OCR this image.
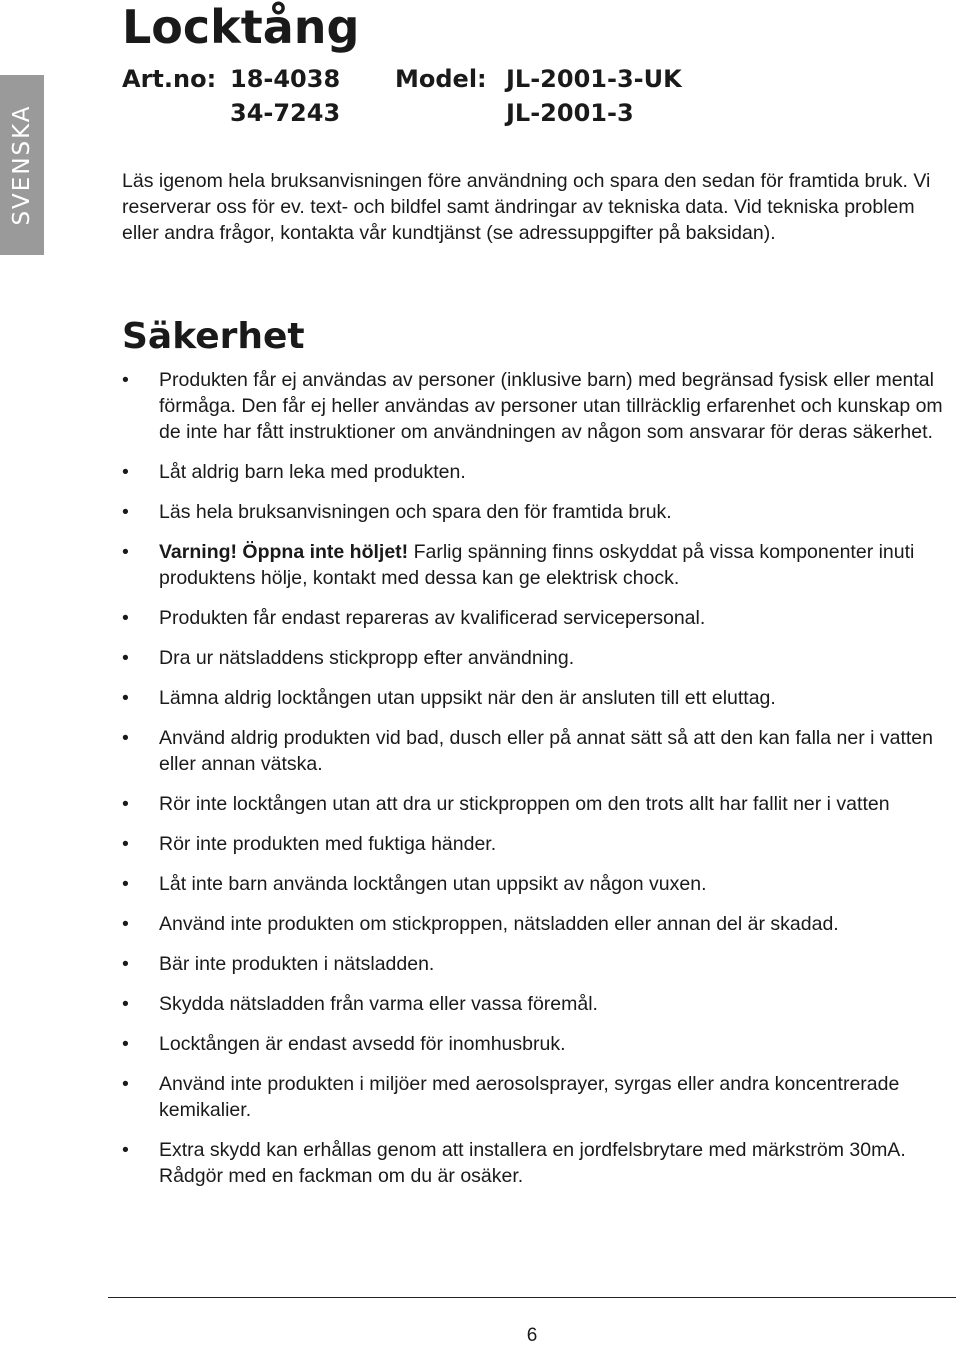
SVENSKA
Locktång
Art.no: 18-4038
34-7243
Model: JL-2001-3-UK
JL-2001-3

Läs igenom hela bruksanvisningen före användning och spara den sedan för framtida bruk. Vi reserverar oss för ev. text- och bildfel samt ändringar av tekniska data. Vid tekniska problem eller andra frågor, kontakta vår kundtjänst (se adressuppgifter på baksidan).

Säkerhet
• Produkten får ej användas av personer (inklusive barn) med begränsad fysisk eller mental förmåga. Den får ej heller användas av personer utan tillräcklig erfarenhet och kunskap om de inte har fått instruktioner om användningen av någon som ansvarar för deras säkerhet.
• Låt aldrig barn leka med produkten.
• Läs hela bruksanvisningen och spara den för framtida bruk.
• Varning! Öppna inte höljet! Farlig spänning finns oskyddat på vissa komponenter inuti produktens hölje, kontakt med dessa kan ge elektrisk chock.
• Produkten får endast repareras av kvalificerad servicepersonal.
• Dra ur nätsladdens stickpropp efter användning.
• Lämna aldrig locktången utan uppsikt när den är ansluten till ett eluttag.
• Använd aldrig produkten vid bad, dusch eller på annat sätt så att den kan falla ner i vatten eller annan vätska.
• Rör inte locktången utan att dra ur stickproppen om den trots allt har fallit ner i vatten
• Rör inte produkten med fuktiga händer.
• Låt inte barn använda locktången utan uppsikt av någon vuxen.
• Använd inte produkten om stickproppen, nätsladden eller annan del är skadad.
• Bär inte produkten i nätsladden.
• Skydda nätsladden från varma eller vassa föremål.
• Locktången är endast avsedd för inomhusbruk.
• Använd inte produkten i miljöer med aerosolsprayer, syrgas eller andra koncentrerade kemikalier.
• Extra skydd kan erhållas genom att installera en jordfelsbrytare med märkström 30mA. Rådgör med en fackman om du är osäker.
6
